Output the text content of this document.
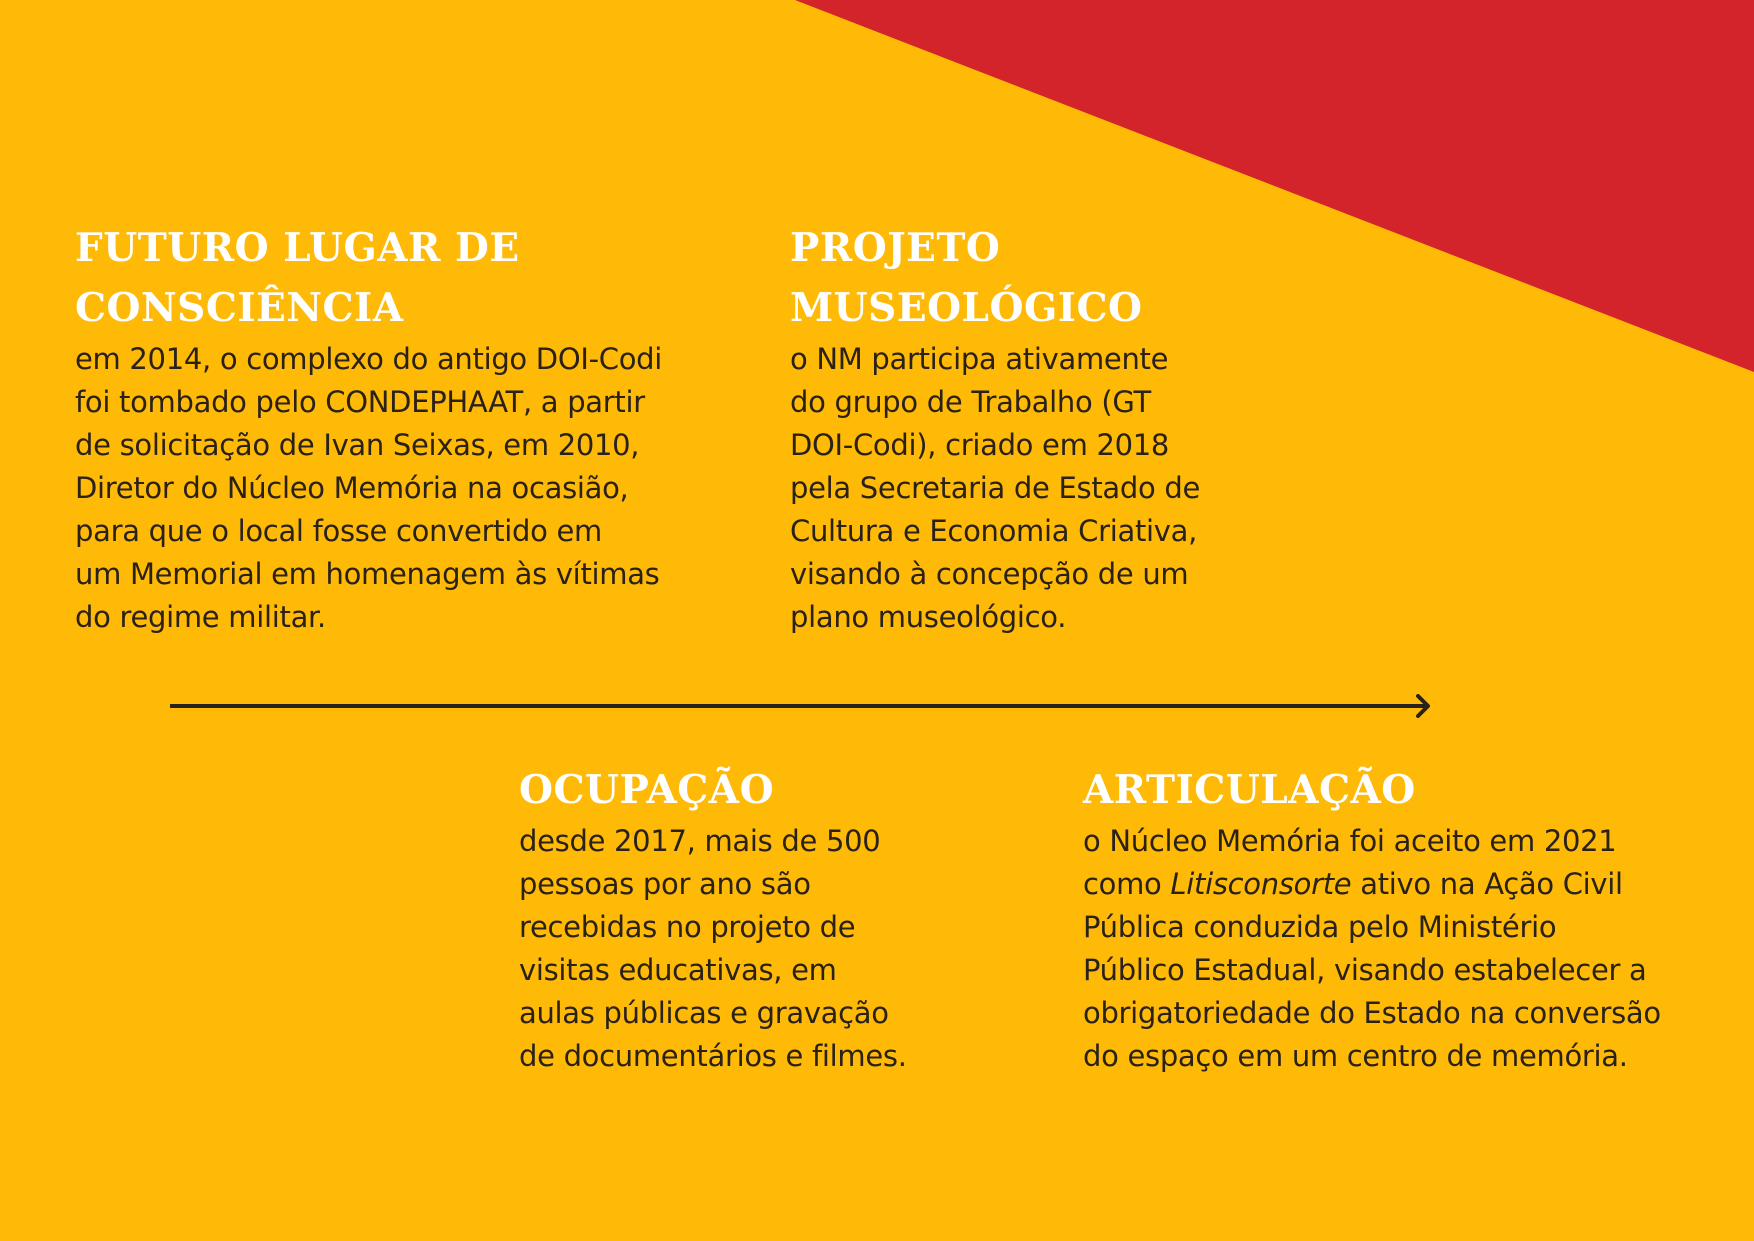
FUTURO LUGAR DE
CONSCIÊNCIA
em 2014, o complexo do antigo DOI-Codi
foi tombado pelo CONDEPHAAT, a partir
de solicitação de Ivan Seixas, em 2010,
Diretor do Núcleo Memória na ocasião,
para que o local fosse convertido em
um Memorial em homenagem às vítimas
do regime militar.
PROJETO
MUSEOLÓGICO
o NM participa ativamente
do grupo de Trabalho (GT
DOI-Codi), criado em 2018
pela Secretaria de Estado de
Cultura e Economia Criativa,
visando à concepção de um
plano museológico.
OCUPAÇÃO
desde 2017, mais de 500
pessoas por ano são
recebidas no projeto de
visitas educativas, em
aulas públicas e gravação
de documentários e filmes.
ARTICULAÇÃO
o Núcleo Memória foi aceito em 2021
como Litisconsorte ativo na Ação Civil
Pública conduzida pelo Ministério
Público Estadual, visando estabelecer a
obrigatoriedade do Estado na conversão
do espaço em um centro de memória.
